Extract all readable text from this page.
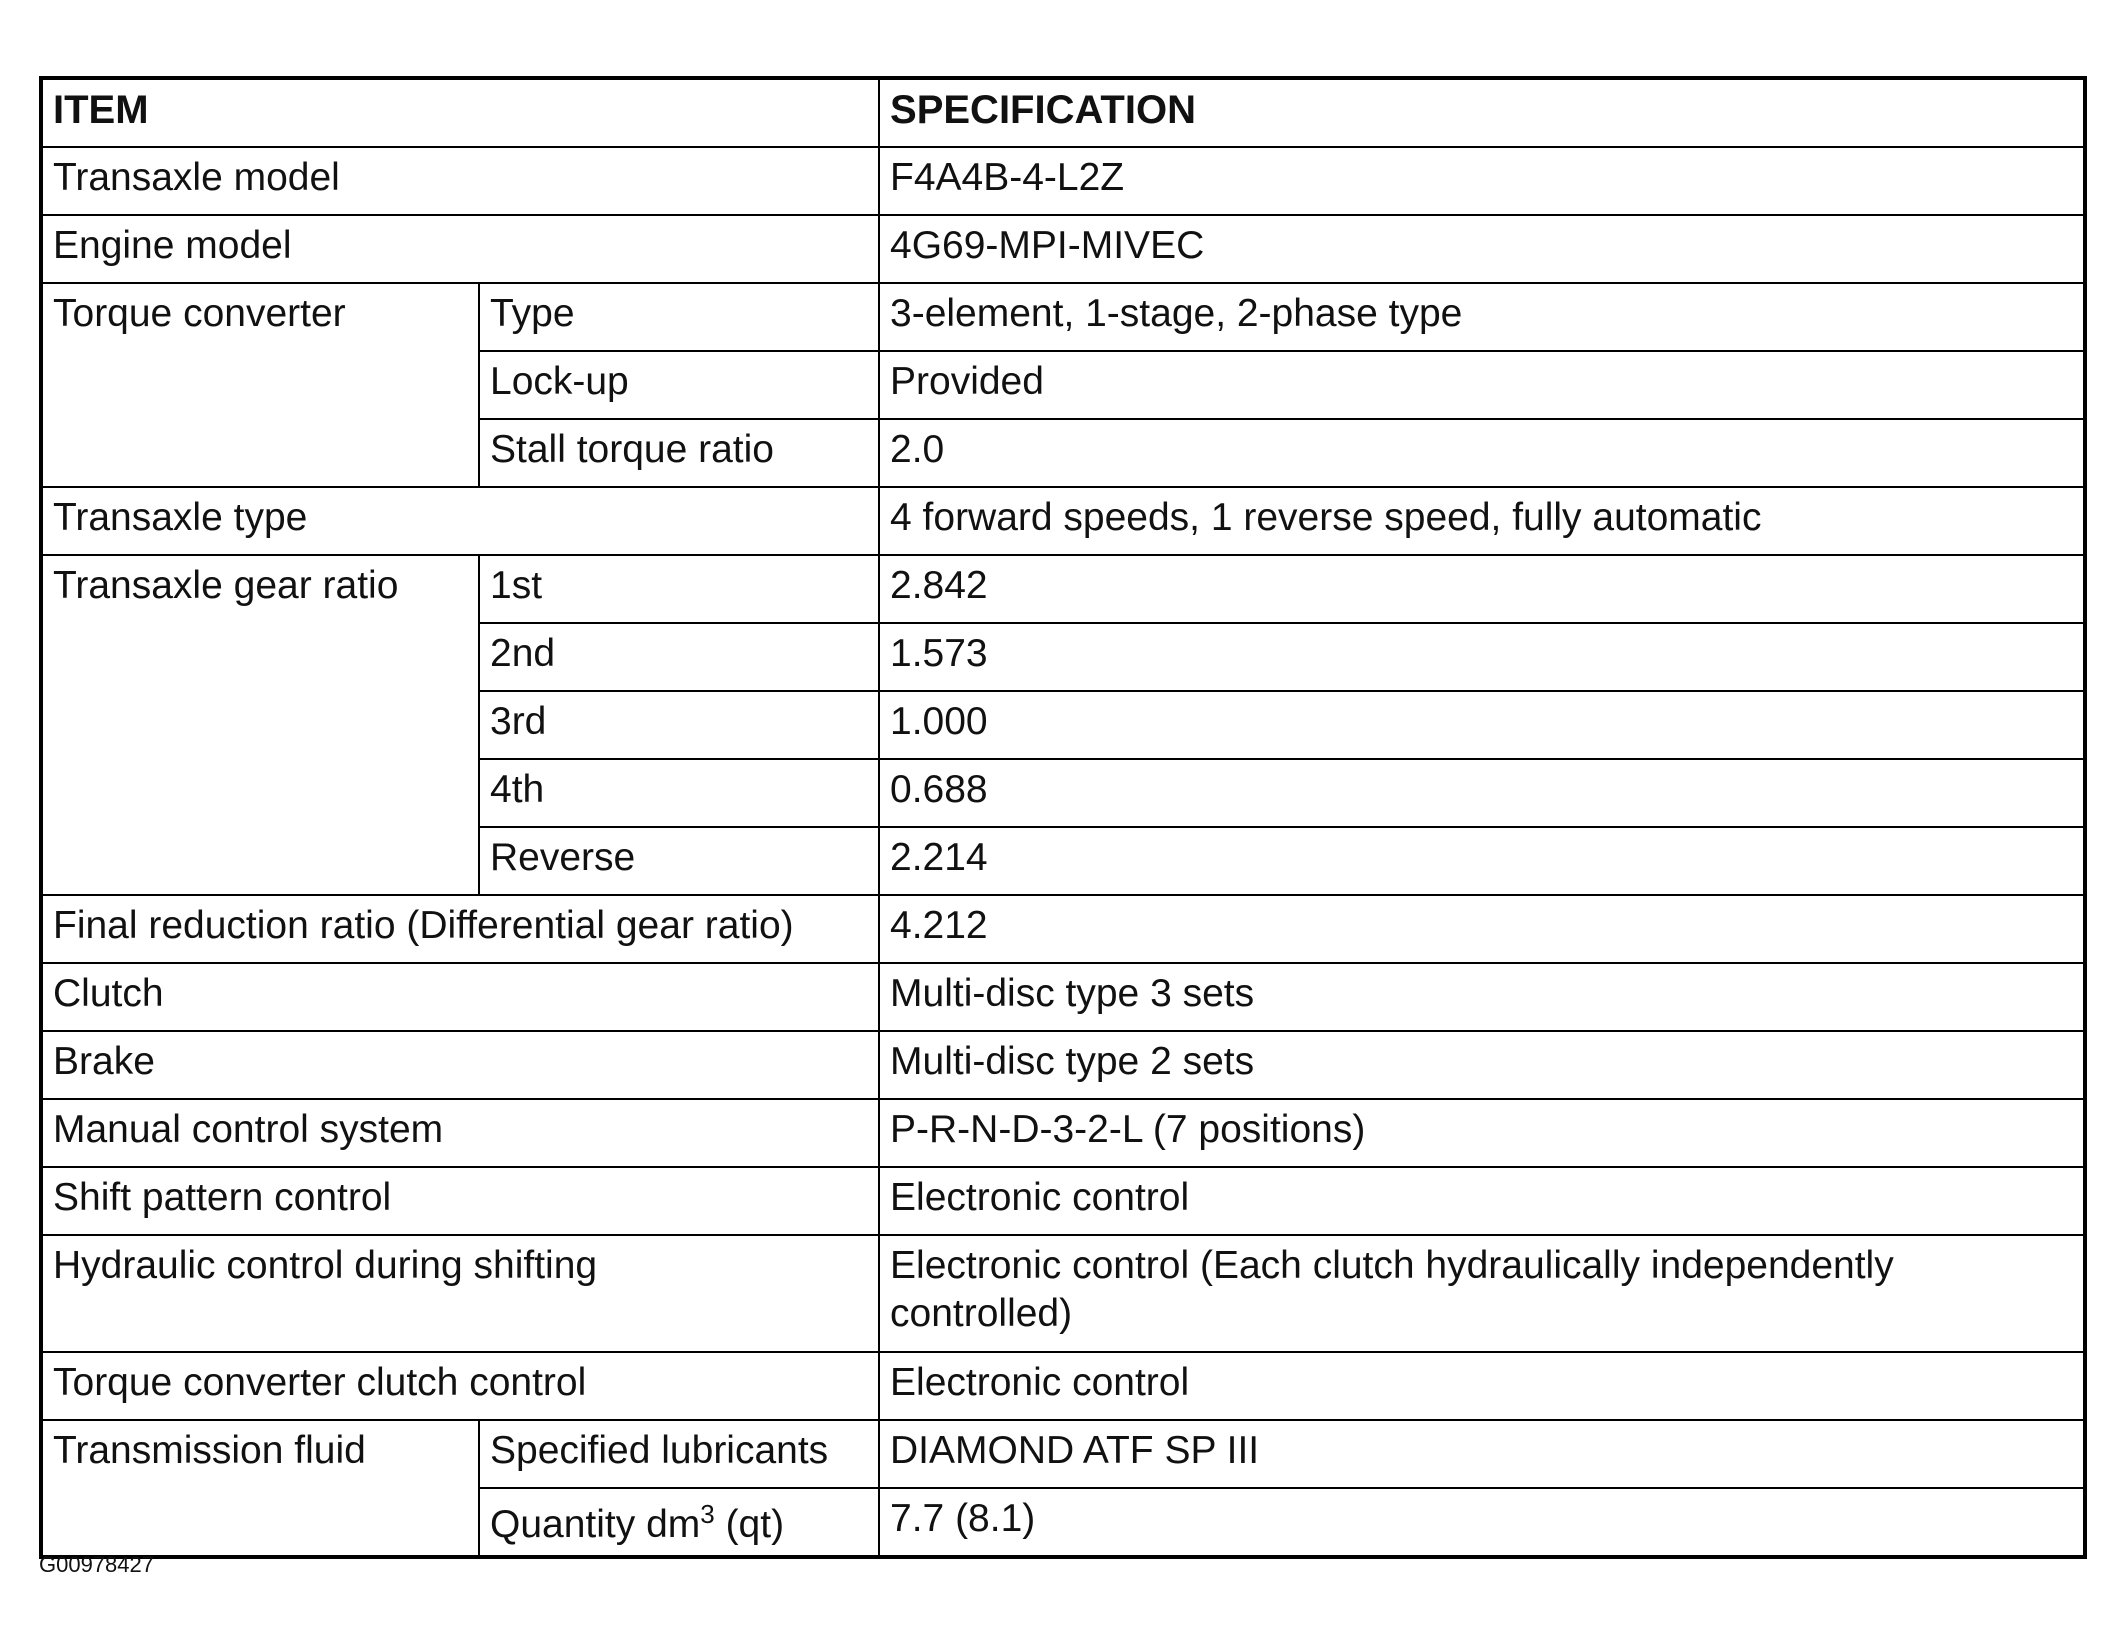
ITEM		SPECIFICATION
Transaxle model		F4A4B-4-L2Z
Engine model		4G69-MPI-MIVEC
Torque converter	Type	3-element, 1-stage, 2-phase type
	Lock-up	Provided
	Stall torque ratio	2.0
Transaxle type		4 forward speeds, 1 reverse speed, fully automatic
Transaxle gear ratio	1st	2.842
	2nd	1.573
	3rd	1.000
	4th	0.688
	Reverse	2.214
Final reduction ratio (Differential gear ratio)		4.212
Clutch		Multi-disc type 3 sets
Brake		Multi-disc type 2 sets
Manual control system		P-R-N-D-3-2-L (7 positions)
Shift pattern control		Electronic control
Hydraulic control during shifting		Electronic control (Each clutch hydraulically independently controlled)
Torque converter clutch control		Electronic control
Transmission fluid	Specified lubricants	DIAMOND ATF SP III
	Quantity $dm^3$ (qt)	7.7 (8.1)
G00978427
